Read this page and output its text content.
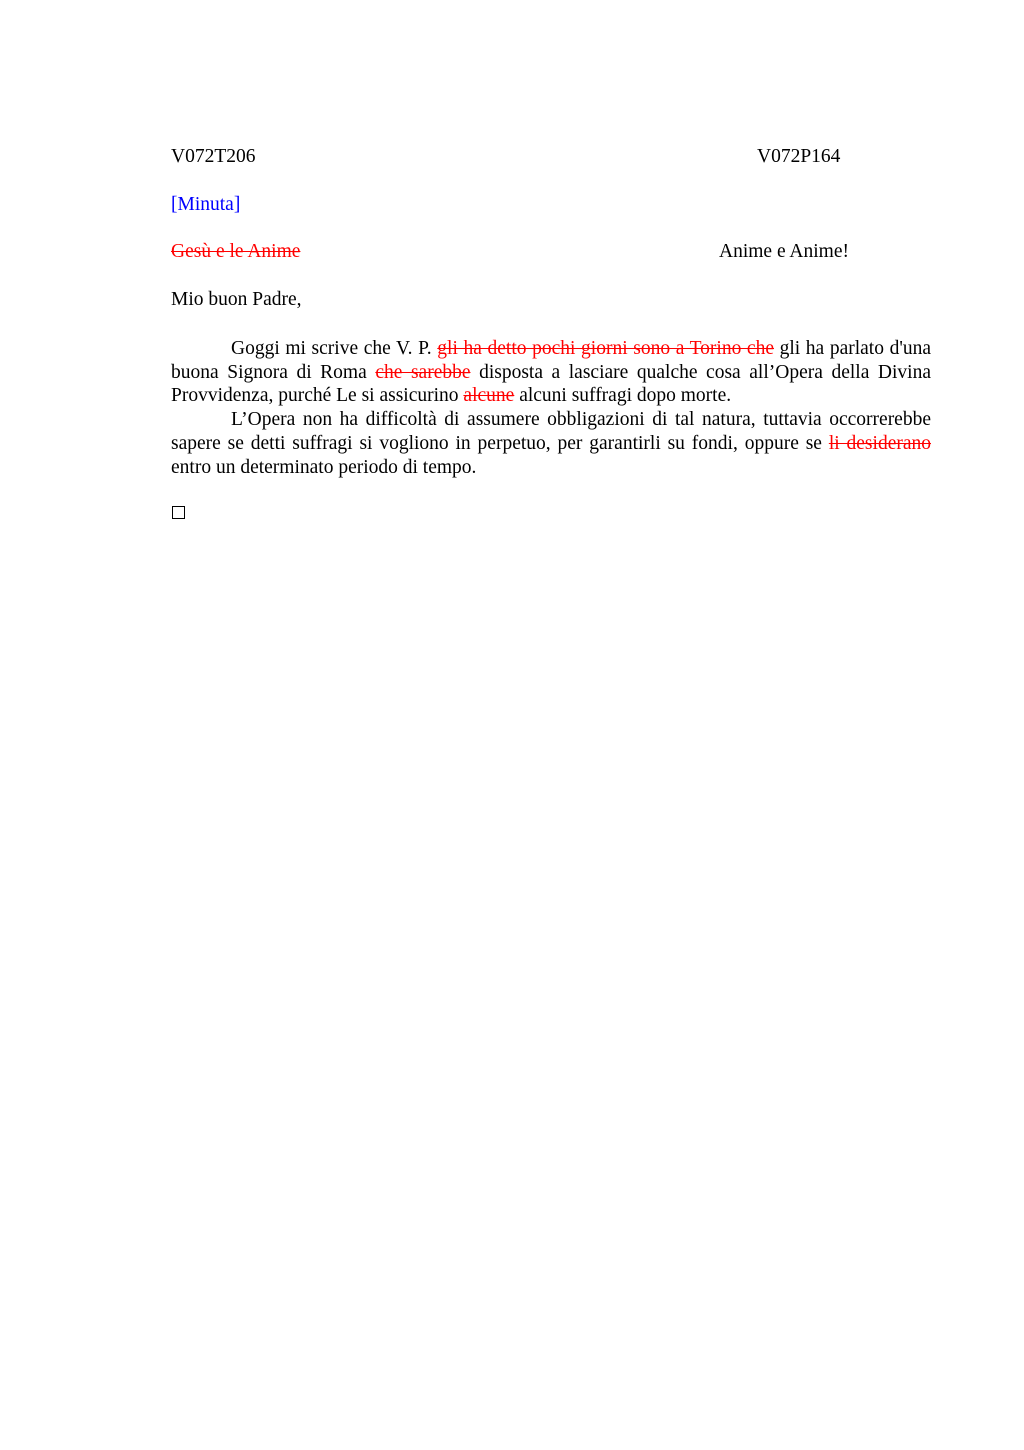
V072T206	V072P164
[Minuta]
Gesù e le Anime	Anime e Anime!
Mio buon Padre,

Goggi mi scrive che V. P. gli ha detto pochi giorni sono a Torino che gli ha parlato d'una buona Signora di Roma che sarebbe disposta a lasciare qualche cosa all’Opera della Divina Provvidenza, purché Le si assicurino alcune alcuni suffragi dopo morte.

L’Opera non ha difficoltà di assumere obbligazioni di tal natura, tuttavia occorrerebbe sapere se detti suffragi si vogliono in perpetuo, per garantirli su fondi, oppure se li desiderano entro un determinato periodo di tempo.
